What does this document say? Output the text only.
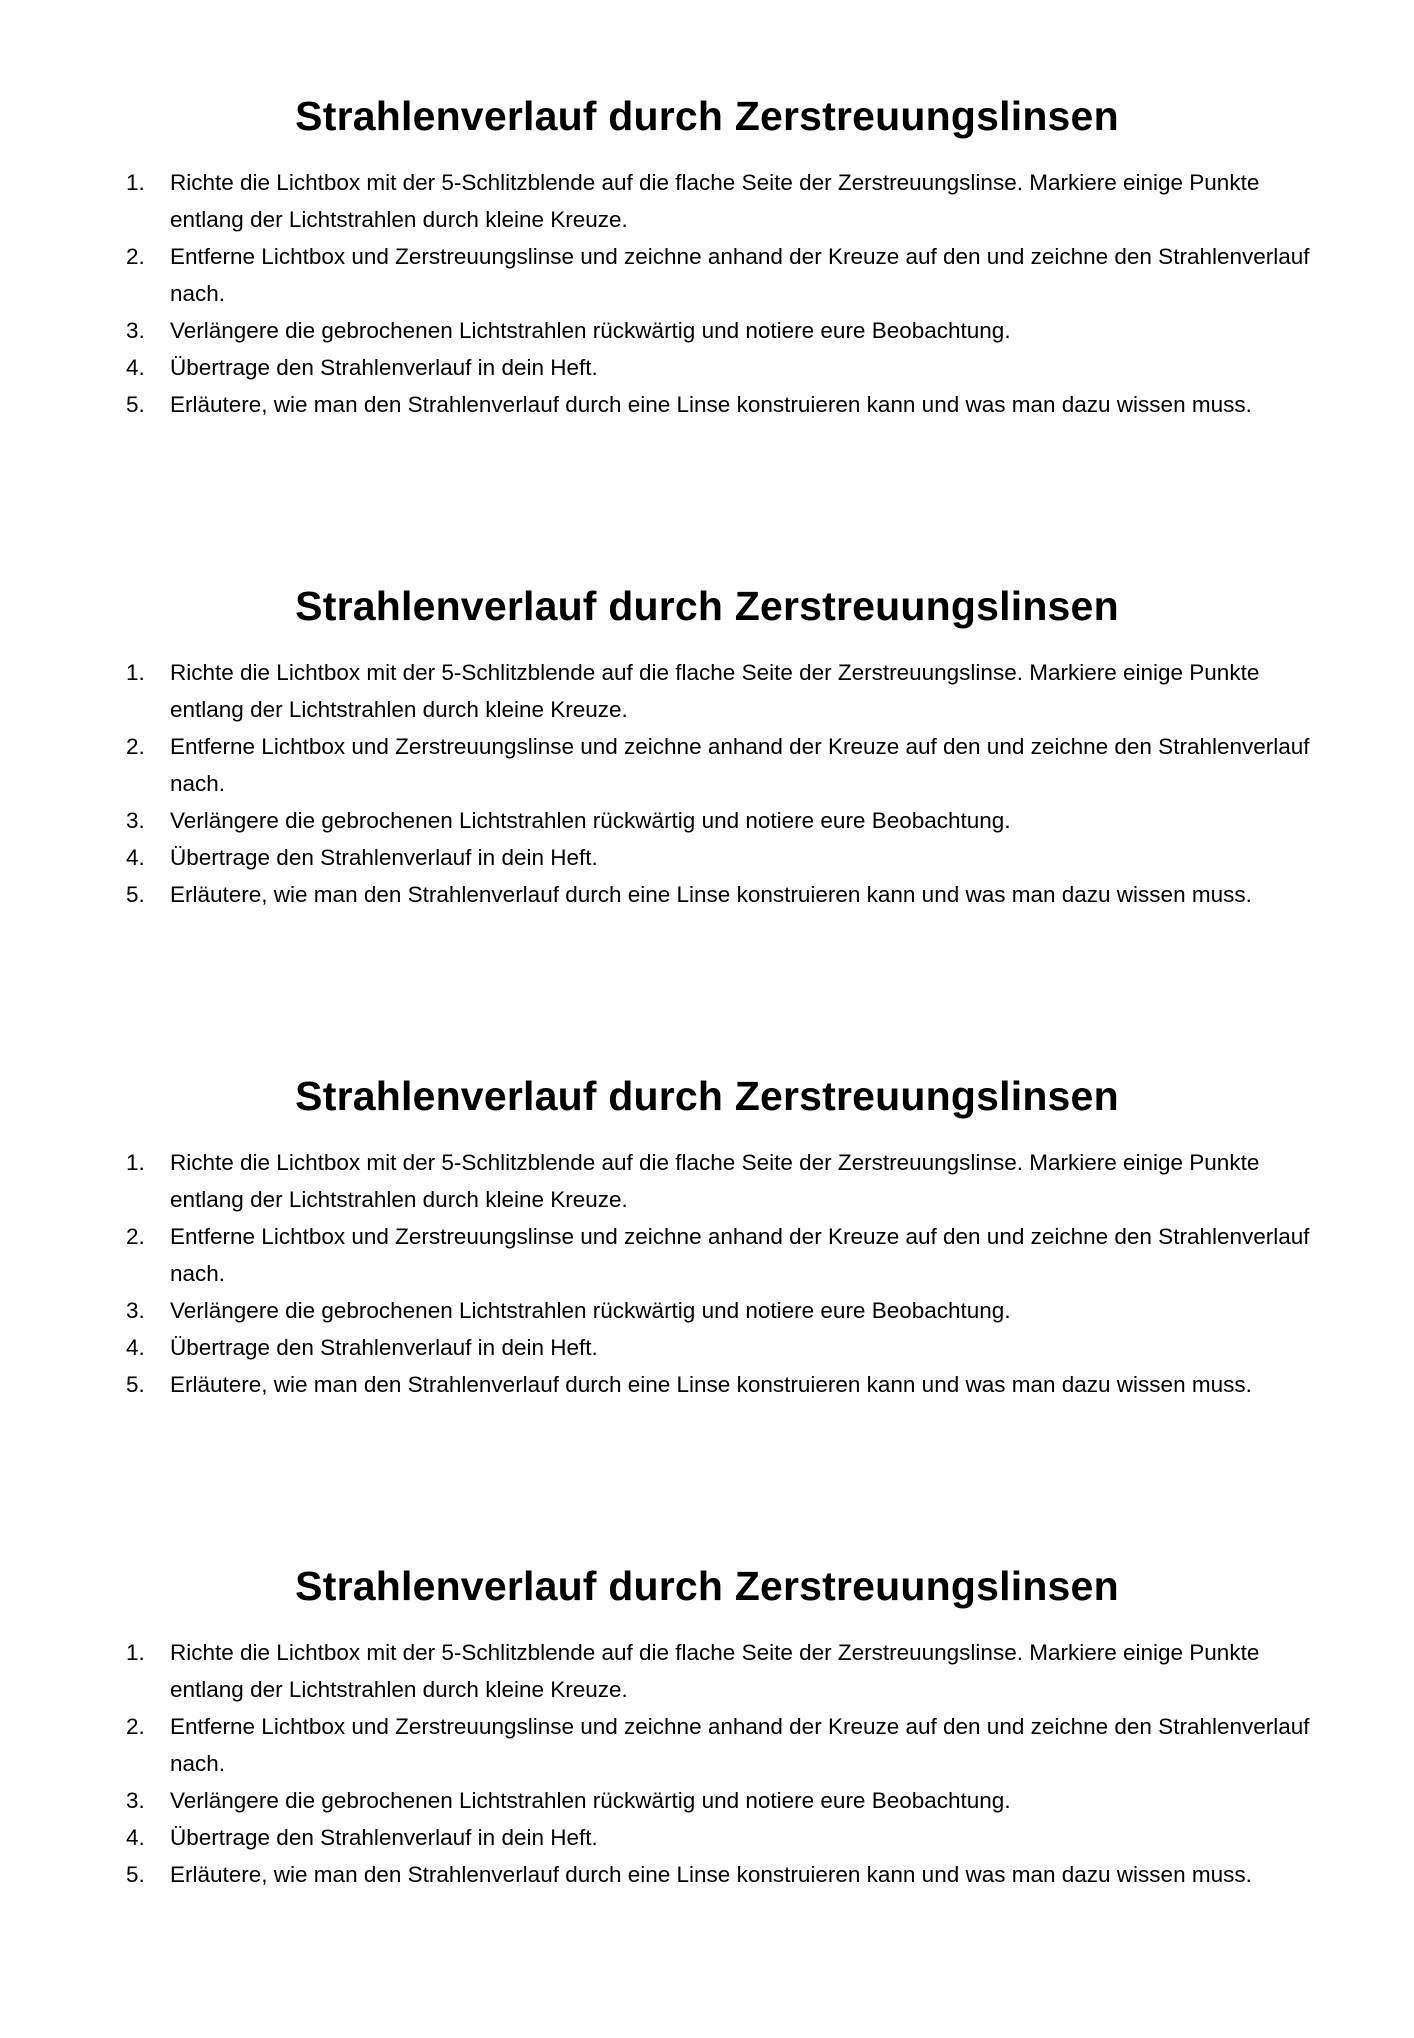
Strahlenverlauf durch Zerstreuungslinsen
1.	Richte die Lichtbox mit der 5-Schlitzblende auf die flache Seite der Zerstreuungslinse. Markiere einige Punkte entlang der Lichtstrahlen durch kleine Kreuze.
2.	Entferne Lichtbox und Zerstreuungslinse und zeichne anhand der Kreuze auf den und zeichne den Strahlenverlauf nach.
3.	Verlängere die gebrochenen Lichtstrahlen rückwärtig und notiere eure Beobachtung.
4.	Übertrage den Strahlenverlauf in dein Heft.
5.	Erläutere, wie man den Strahlenverlauf durch eine Linse konstruieren kann und was man dazu wissen muss.
Strahlenverlauf durch Zerstreuungslinsen
1.	Richte die Lichtbox mit der 5-Schlitzblende auf die flache Seite der Zerstreuungslinse. Markiere einige Punkte entlang der Lichtstrahlen durch kleine Kreuze.
2.	Entferne Lichtbox und Zerstreuungslinse und zeichne anhand der Kreuze auf den und zeichne den Strahlenverlauf nach.
3.	Verlängere die gebrochenen Lichtstrahlen rückwärtig und notiere eure Beobachtung.
4.	Übertrage den Strahlenverlauf in dein Heft.
5.	Erläutere, wie man den Strahlenverlauf durch eine Linse konstruieren kann und was man dazu wissen muss.
Strahlenverlauf durch Zerstreuungslinsen
1.	Richte die Lichtbox mit der 5-Schlitzblende auf die flache Seite der Zerstreuungslinse. Markiere einige Punkte entlang der Lichtstrahlen durch kleine Kreuze.
2.	Entferne Lichtbox und Zerstreuungslinse und zeichne anhand der Kreuze auf den und zeichne den Strahlenverlauf nach.
3.	Verlängere die gebrochenen Lichtstrahlen rückwärtig und notiere eure Beobachtung.
4.	Übertrage den Strahlenverlauf in dein Heft.
5.	Erläutere, wie man den Strahlenverlauf durch eine Linse konstruieren kann und was man dazu wissen muss.
Strahlenverlauf durch Zerstreuungslinsen
1.	Richte die Lichtbox mit der 5-Schlitzblende auf die flache Seite der Zerstreuungslinse. Markiere einige Punkte entlang der Lichtstrahlen durch kleine Kreuze.
2.	Entferne Lichtbox und Zerstreuungslinse und zeichne anhand der Kreuze auf den und zeichne den Strahlenverlauf nach.
3.	Verlängere die gebrochenen Lichtstrahlen rückwärtig und notiere eure Beobachtung.
4.	Übertrage den Strahlenverlauf in dein Heft.
5.	Erläutere, wie man den Strahlenverlauf durch eine Linse konstruieren kann und was man dazu wissen muss.
